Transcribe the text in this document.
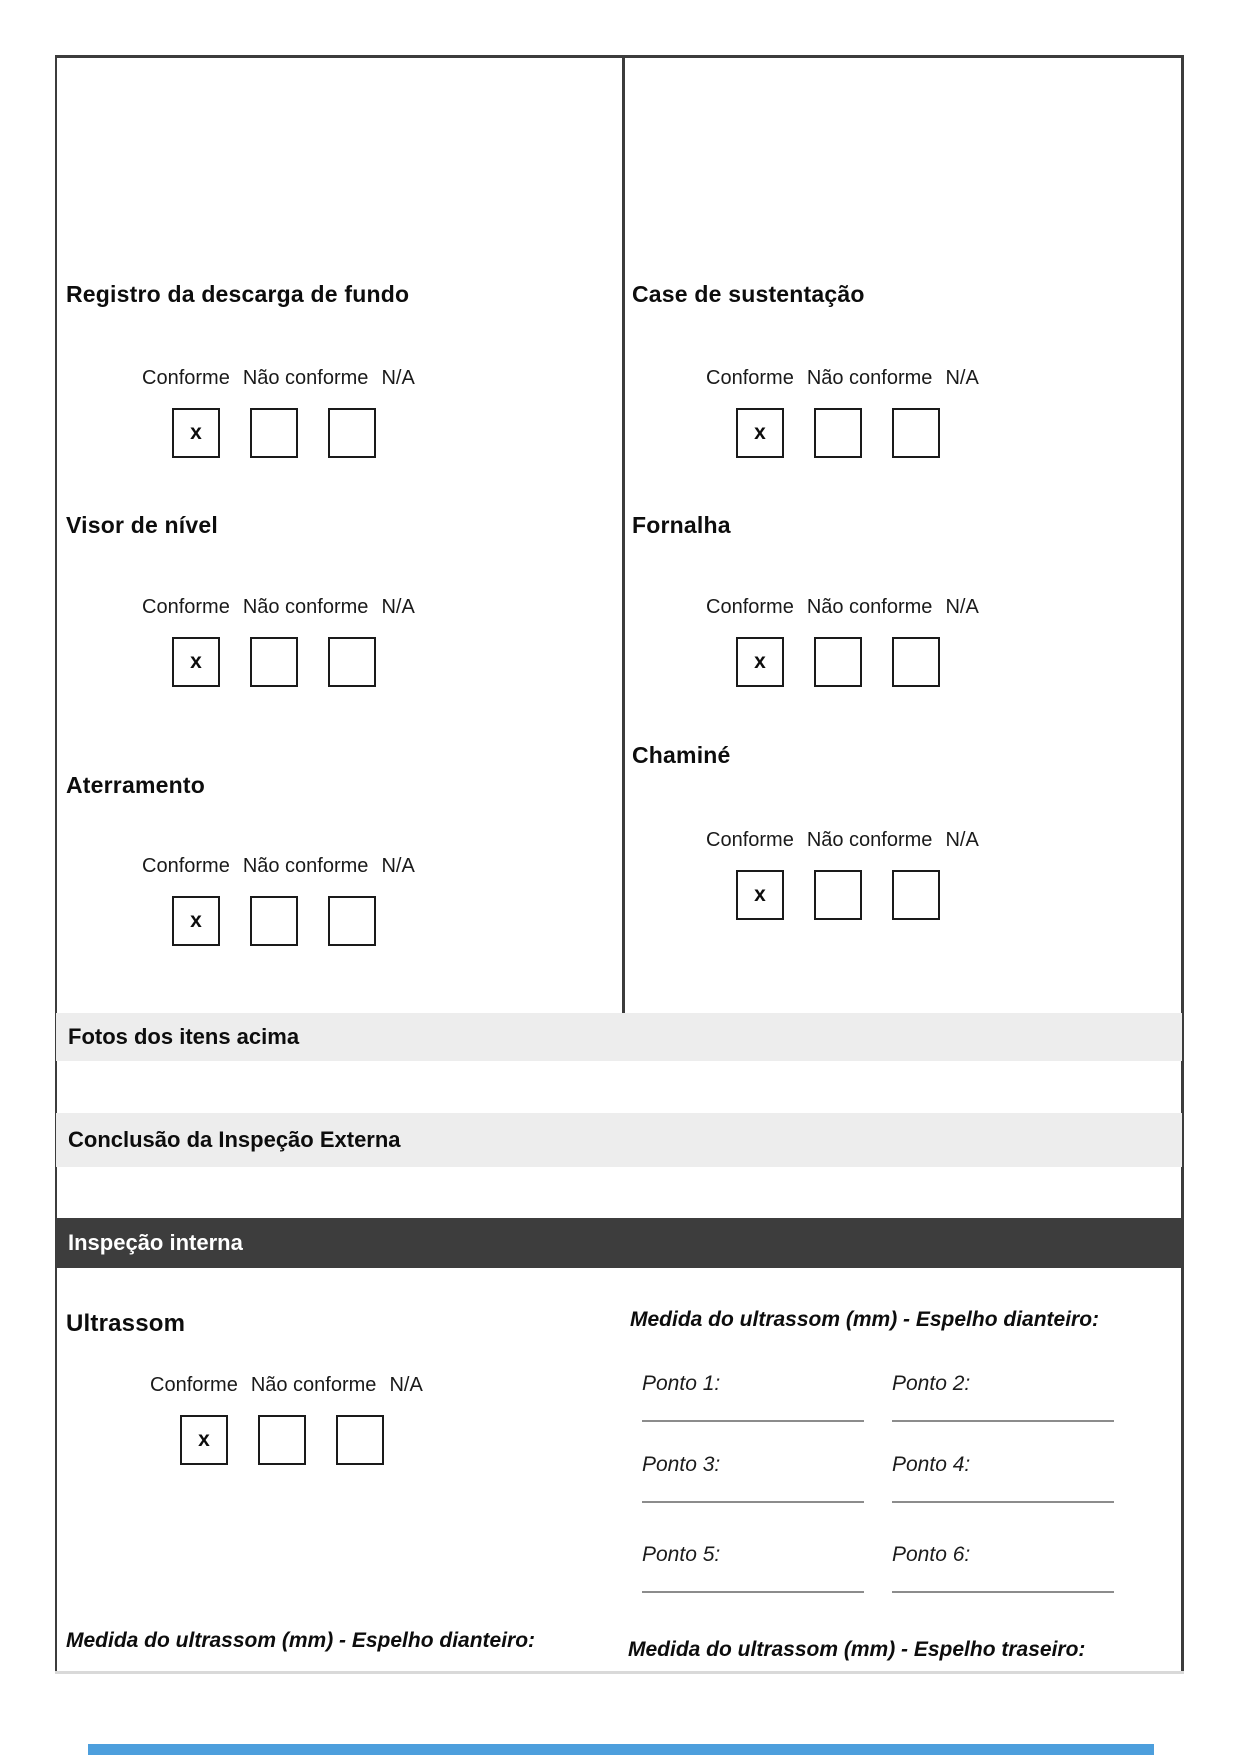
Registro da descarga de fundo
Conforme Não conforme N/A
x
Visor de nível
Conforme Não conforme N/A
x
Aterramento
Conforme Não conforme N/A
x
Case de sustentação
Conforme Não conforme N/A
x
Fornalha
Conforme Não conforme N/A
x
Chaminé
Conforme Não conforme N/A
x
Fotos dos itens acima
Conclusão da Inspeção Externa
Inspeção interna
Ultrassom
Conforme Não conforme N/A
x
Medida do ultrassom (mm) - Espelho dianteiro:
Ponto 1:	Ponto 2:
Ponto 3:	Ponto 4:
Ponto 5:	Ponto 6:
Medida do ultrassom (mm) - Espelho dianteiro:	Medida do ultrassom (mm) - Espelho traseiro:
